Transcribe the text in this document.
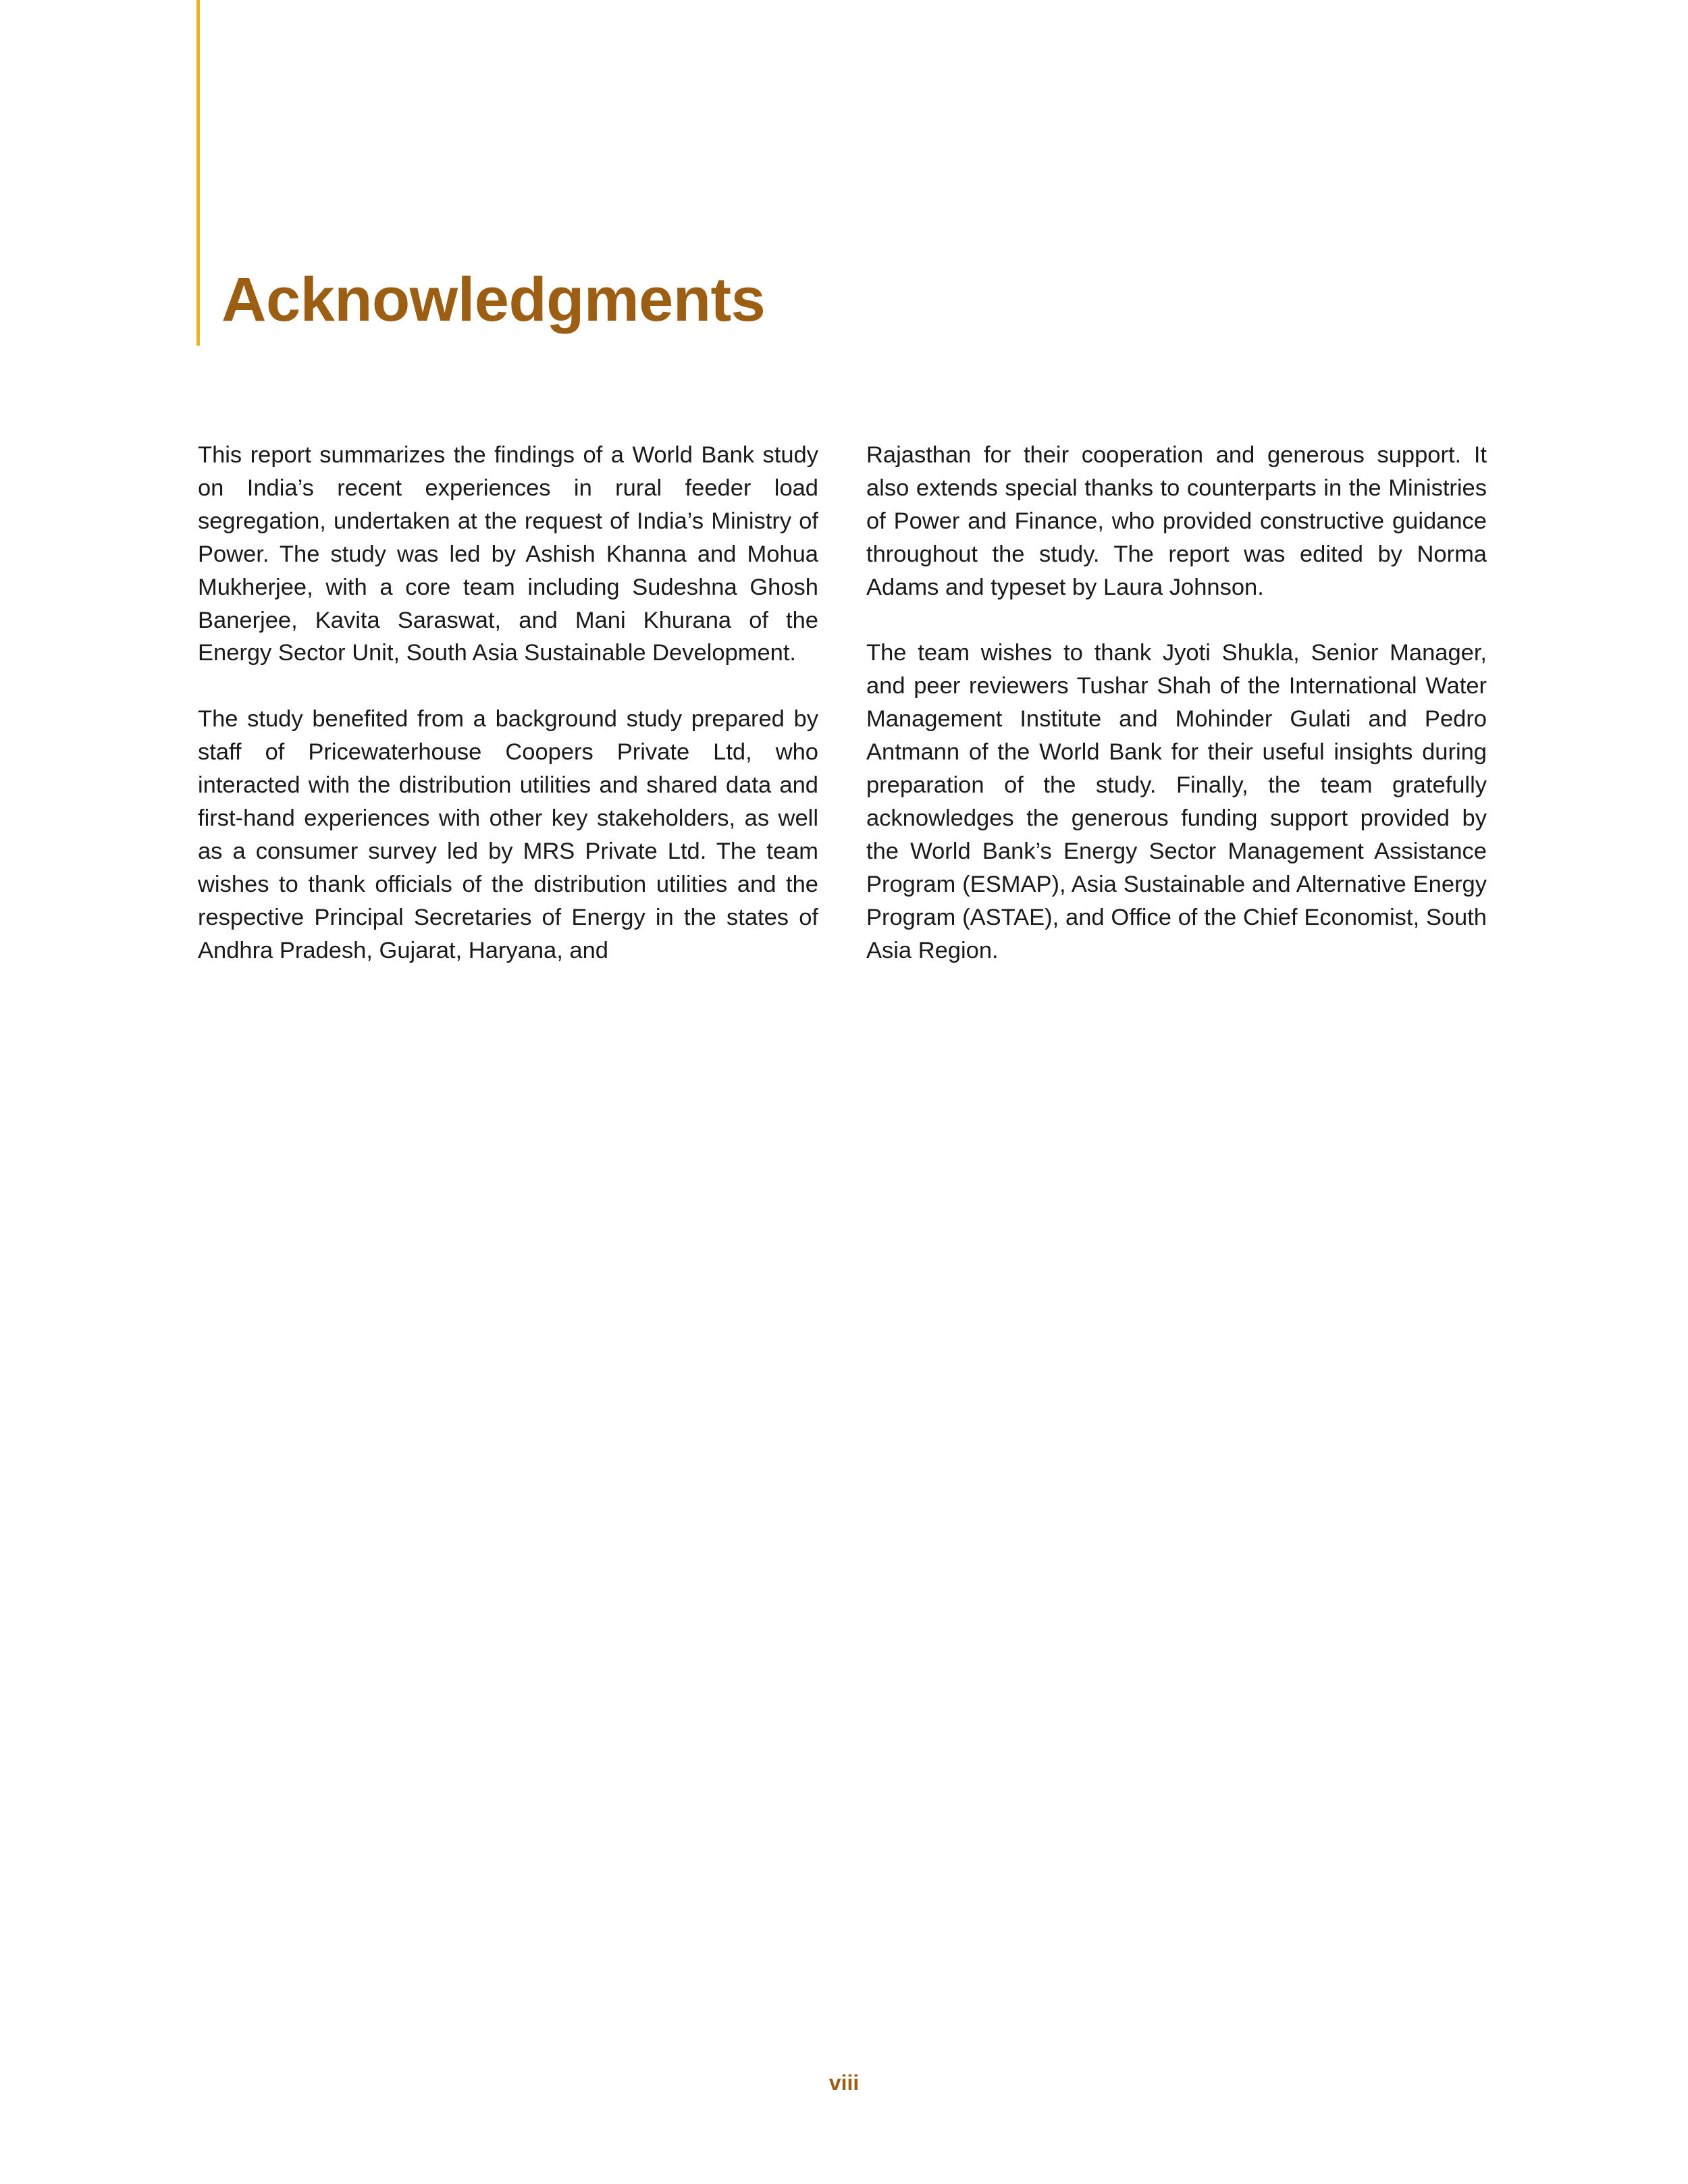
Acknowledgments

This report summarizes the findings of a World Bank study on India’s recent experiences in rural feeder load segregation, undertaken at the request of India’s Ministry of Power. The study was led by Ashish Khanna and Mohua Mukherjee, with a core team including Sudeshna Ghosh Banerjee, Kavita Saraswat, and Mani Khurana of the Energy Sector Unit, South Asia Sustainable Development.

The study benefited from a background study prepared by staff of Pricewaterhouse Coopers Private Ltd, who interacted with the distribution utilities and shared data and first-hand experiences with other key stakeholders, as well as a consumer survey led by MRS Private Ltd. The team wishes to thank officials of the distribution utilities and the respective Principal Secretaries of Energy in the states of Andhra Pradesh, Gujarat, Haryana, and

Rajasthan for their cooperation and generous support. It also extends special thanks to counterparts in the Ministries of Power and Finance, who provided constructive guidance throughout the study. The report was edited by Norma Adams and typeset by Laura Johnson.

The team wishes to thank Jyoti Shukla, Senior Manager, and peer reviewers Tushar Shah of the International Water Management Institute and Mohinder Gulati and Pedro Antmann of the World Bank for their useful insights during preparation of the study. Finally, the team gratefully acknowledges the generous funding support provided by the World Bank’s Energy Sector Management Assistance Program (ESMAP), Asia Sustainable and Alternative Energy Program (ASTAE), and Office of the Chief Economist, South Asia Region.

viii
